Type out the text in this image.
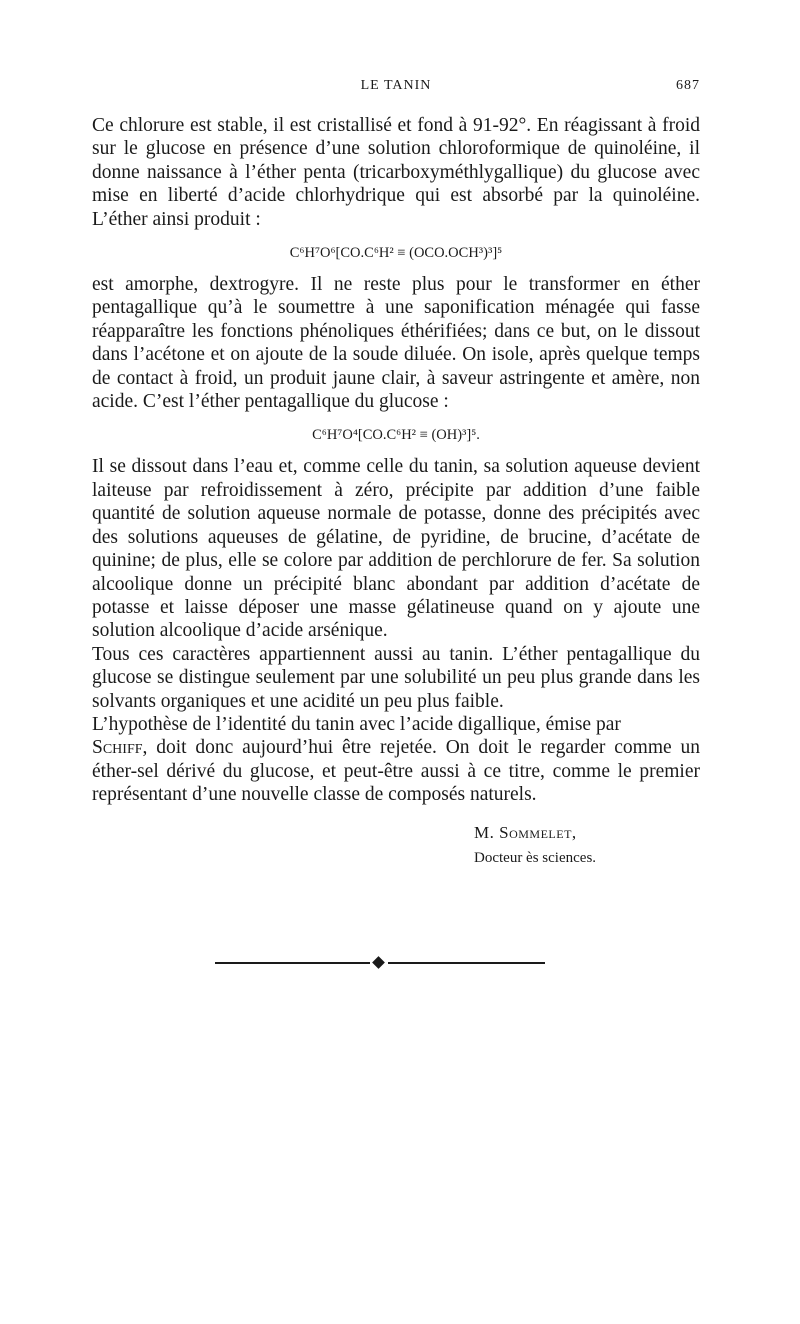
LE TANIN	687

Ce chlorure est stable, il est cristallisé et fond à 91-92°. En réagissant à froid sur le glucose en présence d’une solution chloroformique de quinoléine, il donne naissance à l’éther penta (tricarboxyméthlygallique) du glucose avec mise en liberté d’acide chlorhydrique qui est absorbé par la quinoléine. L’éther ainsi produit :

C⁶H⁷O⁶[CO.C⁶H² ≡ (OCO.OCH³)³]⁵

est amorphe, dextrogyre. Il ne reste plus pour le transformer en éther pentagallique qu’à le soumettre à une saponification ménagée qui fasse réapparaître les fonctions phénoliques éthérifiées; dans ce but, on le dissout dans l’acétone et on ajoute de la soude diluée. On isole, après quelque temps de contact à froid, un produit jaune clair, à saveur astringente et amère, non acide. C’est l’éther pentagallique du glucose :

C⁶H⁷O⁴[CO.C⁶H² ≡ (OH)³]⁵.

Il se dissout dans l’eau et, comme celle du tanin, sa solution aqueuse devient laiteuse par refroidissement à zéro, précipite par addition d’une faible quantité de solution aqueuse normale de potasse, donne des précipités avec des solutions aqueuses de gélatine, de pyridine, de brucine, d’acétate de quinine; de plus, elle se colore par addition de perchlorure de fer. Sa solution alcoolique donne un précipité blanc abondant par addition d’acétate de potasse et laisse déposer une masse gélatineuse quand on y ajoute une solution alcoolique d’acide arsénique.

Tous ces caractères appartiennent aussi au tanin. L’éther pentagallique du glucose se distingue seulement par une solubilité un peu plus grande dans les solvants organiques et une acidité un peu plus faible.

L’hypothèse de l’identité du tanin avec l’acide digallique, émise par
Schiff, doit donc aujourd’hui être rejetée. On doit le regarder comme un éther-sel dérivé du glucose, et peut-être aussi à ce titre, comme le premier représentant d’une nouvelle classe de composés naturels.

M. Sommelet,
Docteur ès sciences.
